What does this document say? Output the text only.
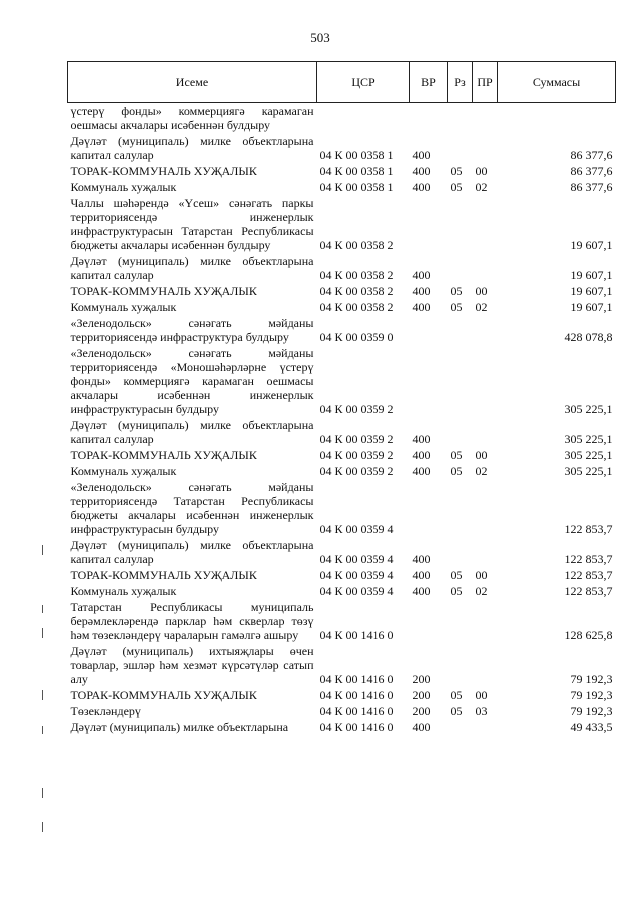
503
Исеме	ЦСР	ВР	Рз	ПР	Суммасы
үстерү фонды» коммерциягә карамаган оешмасы акчалары исәбеннән булдыру					
Дәүләт (муниципаль) милке объектларына капитал салулар	04 К 00 0358 1	400			86 377,6
ТОРАК-КОММУНАЛЬ ХУҖАЛЫК	04 К 00 0358 1	400	05	00	86 377,6
Коммуналь хуҗалык	04 К 00 0358 1	400	05	02	86 377,6
Чаллы шәһәрендә «Үсеш» сәнәгать паркы территориясендә инженерлык инфраструктурасын Татарстан Республикасы бюджеты акчалары исәбеннән булдыру	04 К 00 0358 2				19 607,1
Дәүләт (муниципаль) милке объектларына капитал салулар	04 К 00 0358 2	400			19 607,1
ТОРАК-КОММУНАЛЬ ХУҖАЛЫК	04 К 00 0358 2	400	05	00	19 607,1
Коммуналь хуҗалык	04 К 00 0358 2	400	05	02	19 607,1
«Зеленодольск» сәнәгать мәйданы территориясендә инфраструктура булдыру	04 К 00 0359 0				428 078,8
«Зеленодольск» сәнәгать мәйданы территориясендә «Моношәһәрләрне үстерү фонды» коммерциягә карамаган оешмасы акчалары исәбеннән инженерлык инфраструктурасын булдыру	04 К 00 0359 2				305 225,1
Дәүләт (муниципаль) милке объектларына капитал салулар	04 К 00 0359 2	400			305 225,1
ТОРАК-КОММУНАЛЬ ХУҖАЛЫК	04 К 00 0359 2	400	05	00	305 225,1
Коммуналь хуҗалык	04 К 00 0359 2	400	05	02	305 225,1
«Зеленодольск» сәнәгать мәйданы территориясендә Татарстан Республикасы бюджеты акчалары исәбеннән инженерлык инфраструктурасын булдыру	04 К 00 0359 4				122 853,7
Дәүләт (муниципаль) милке объектларына капитал салулар	04 К 00 0359 4	400			122 853,7
ТОРАК-КОММУНАЛЬ ХУҖАЛЫК	04 К 00 0359 4	400	05	00	122 853,7
Коммуналь хуҗалык	04 К 00 0359 4	400	05	02	122 853,7
Татарстан Республикасы муниципаль берәмлекләрендә парклар һәм скверлар төзү һәм төзекләндерү чараларын гамәлгә ашыру	04 К 00 1416 0				128 625,8
Дәүләт (муниципаль) ихтыяҗлары өчен товарлар, эшләр һәм хезмәт күрсәтүләр сатып алу	04 К 00 1416 0	200			79 192,3
ТОРАК-КОММУНАЛЬ ХУҖАЛЫК	04 К 00 1416 0	200	05	00	79 192,3
Төзекләндерү	04 К 00 1416 0	200	05	03	79 192,3
Дәүләт (муниципаль) милке объектларына	04 К 00 1416 0	400			49 433,5
